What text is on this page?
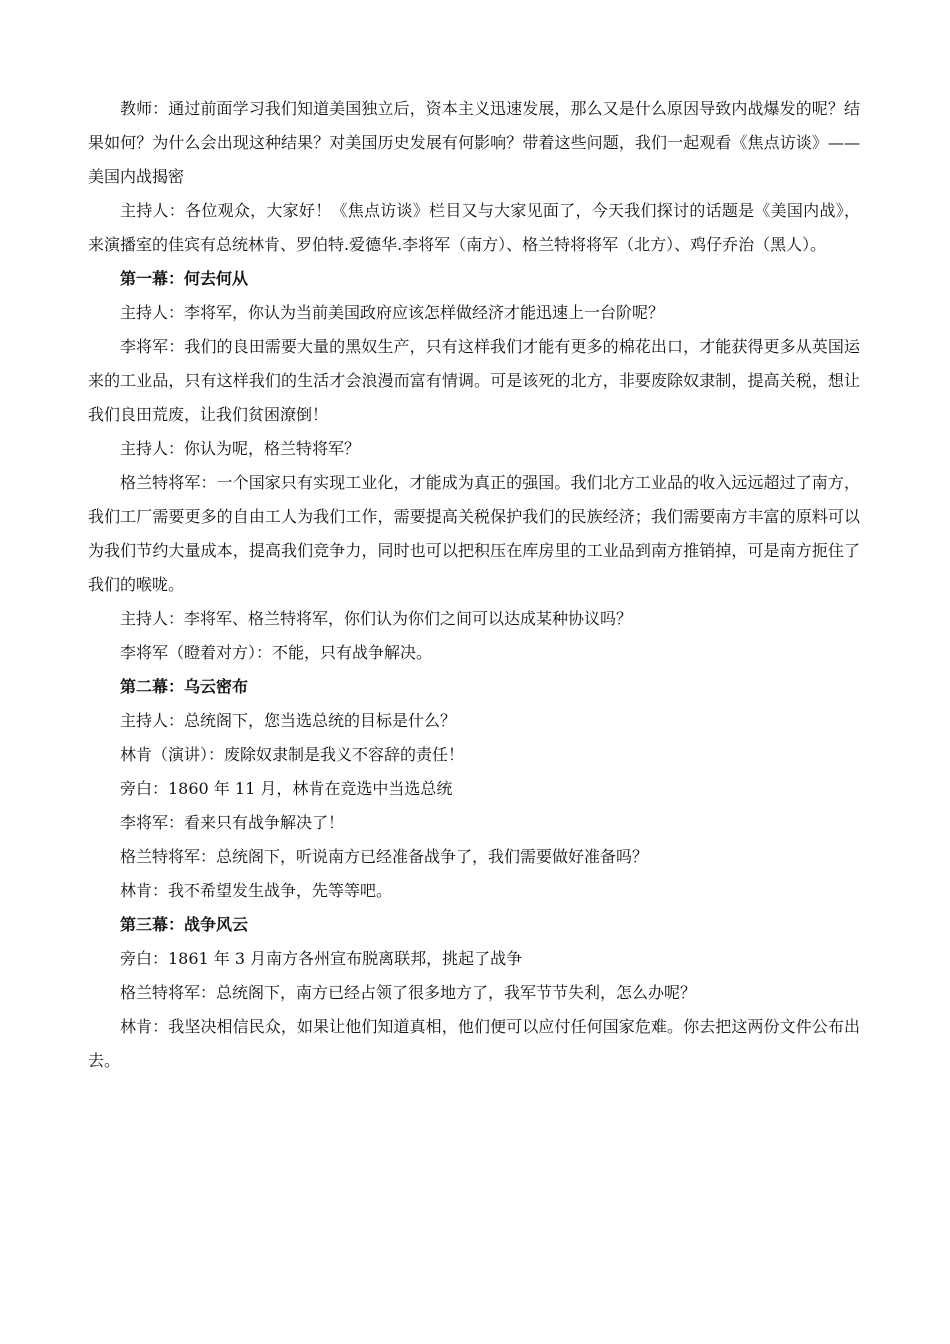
教师：通过前面学习我们知道美国独立后，资本主义迅速发展，那么又是什么原因导致内战爆发的呢？结果如何？为什么会出现这种结果？对美国历史发展有何影响？带着这些问题，我们一起观看《焦点访谈》——美国内战揭密

主持人：各位观众，大家好！《焦点访谈》栏目又与大家见面了，今天我们探讨的话题是《美国内战》，来演播室的佳宾有总统林肯、罗伯特.爱德华.李将军（南方）、格兰特将将军（北方）、鸡仔乔治（黑人）。

第一幕：何去何从

主持人：李将军，你认为当前美国政府应该怎样做经济才能迅速上一台阶呢？

李将军：我们的良田需要大量的黑奴生产，只有这样我们才能有更多的棉花出口，才能获得更多从英国运来的工业品，只有这样我们的生活才会浪漫而富有情调。可是该死的北方，非要废除奴隶制，提高关税，想让我们良田荒废，让我们贫困潦倒！

主持人：你认为呢，格兰特将军？

格兰特将军：一个国家只有实现工业化，才能成为真正的强国。我们北方工业品的收入远远超过了南方，我们工厂需要更多的自由工人为我们工作，需要提高关税保护我们的民族经济；我们需要南方丰富的原料可以为我们节约大量成本，提高我们竞争力，同时也可以把积压在库房里的工业品到南方推销掉，可是南方扼住了我们的喉咙。

主持人：李将军、格兰特将军，你们认为你们之间可以达成某种协议吗？

李将军（瞪着对方）：不能，只有战争解决。

第二幕：乌云密布

主持人：总统阁下，您当选总统的目标是什么？

林肯（演讲）：废除奴隶制是我义不容辞的责任！

旁白：1860 年 11 月，林肯在竞选中当选总统

李将军：看来只有战争解决了！

格兰特将军：总统阁下，听说南方已经准备战争了，我们需要做好准备吗？

林肯：我不希望发生战争，先等等吧。

第三幕：战争风云

旁白：1861 年 3 月南方各州宣布脱离联邦，挑起了战争

格兰特将军：总统阁下，南方已经占领了很多地方了，我军节节失利，怎么办呢？

林肯：我坚决相信民众，如果让他们知道真相，他们便可以应付任何国家危难。你去把这两份文件公布出去。
